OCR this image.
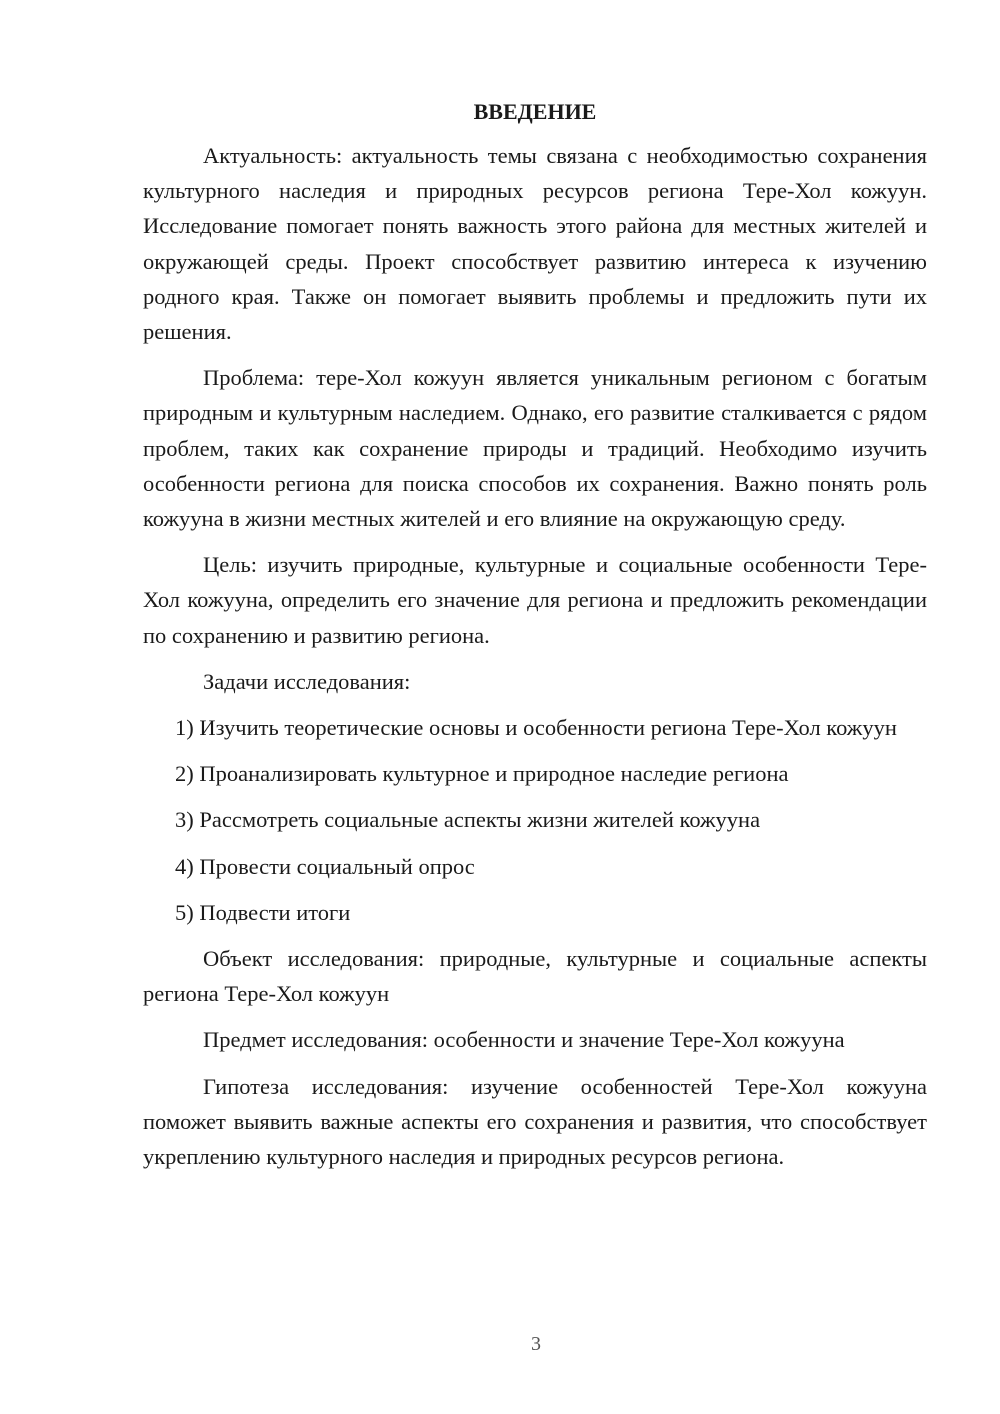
ВВЕДЕНИЕ

Актуальность: актуальность темы связана с необходимостью сохранения культурного наследия и природных ресурсов региона Тере-Хол кожуун. Исследование помогает понять важность этого района для местных жителей и окружающей среды. Проект способствует развитию интереса к изучению родного края. Также он помогает выявить проблемы и предложить пути их решения.

Проблема: тере-Хол кожуун является уникальным регионом с богатым природным и культурным наследием. Однако, его развитие сталкивается с рядом проблем, таких как сохранение природы и традиций. Необходимо изучить особенности региона для поиска способов их сохранения. Важно понять роль кожууна в жизни местных жителей и его влияние на окружающую среду.

Цель: изучить природные, культурные и социальные особенности Тере-Хол кожууна, определить его значение для региона и предложить рекомендации по сохранению и развитию региона.

Задачи исследования:

1) Изучить теоретические основы и особенности региона Тере-Хол кожуун

2) Проанализировать культурное и природное наследие региона

3) Рассмотреть социальные аспекты жизни жителей кожууна

4) Провести социальный опрос

5) Подвести итоги

Объект исследования: природные, культурные и социальные аспекты региона Тере-Хол кожуун

Предмет исследования: особенности и значение Тере-Хол кожууна

Гипотеза исследования: изучение особенностей Тере-Хол кожууна поможет выявить важные аспекты его сохранения и развития, что способствует укреплению культурного наследия и природных ресурсов региона.

3
